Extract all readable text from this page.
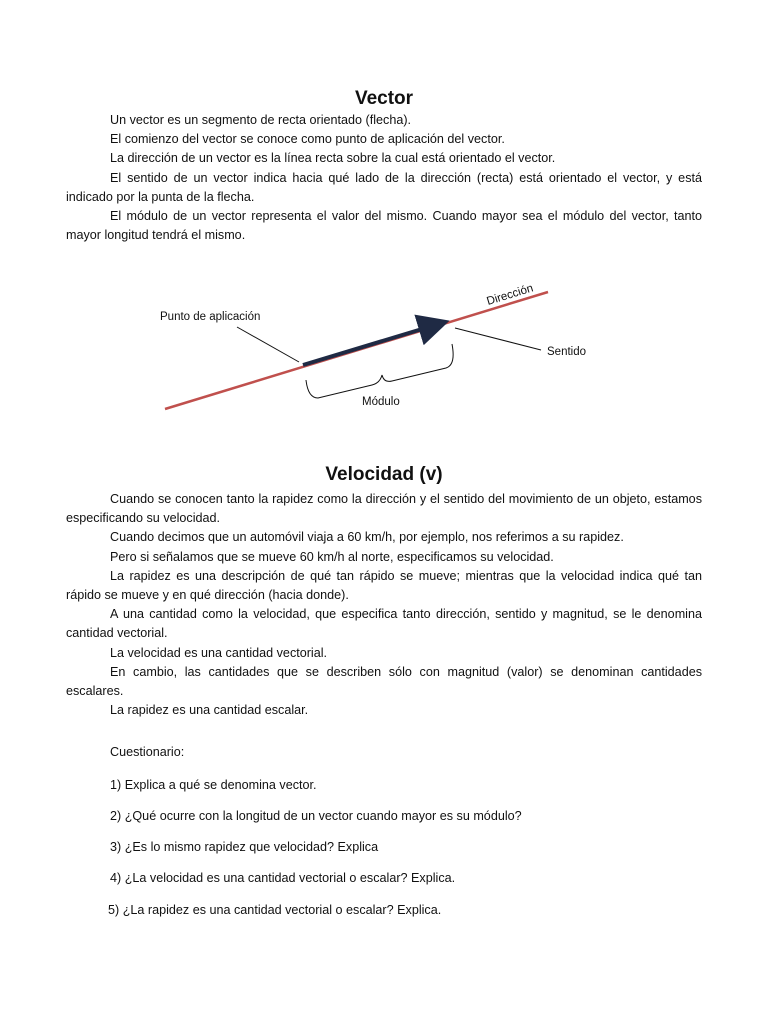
Vector

Un vector es un segmento de recta orientado (flecha).

El comienzo del vector se conoce como punto de aplicación del vector.

La dirección de un vector es la línea recta sobre la cual está orientado el vector.

El sentido de un vector indica hacia qué lado de la dirección (recta) está orientado el vector, y está indicado por la punta de la flecha.

El módulo de un vector representa el valor del mismo. Cuando mayor sea el módulo del vector, tanto mayor longitud tendrá el mismo.

Punto de aplicación
Dirección
Sentido
Módulo
Velocidad (v)

Cuando se conocen tanto la rapidez como la dirección y el sentido del movimiento de un objeto, estamos especificando su velocidad.

Cuando decimos que un automóvil viaja a 60 km/h, por ejemplo, nos referimos a su rapidez.

Pero si señalamos que se mueve 60 km/h al norte, especificamos su velocidad.

La rapidez es una descripción de qué tan rápido se mueve; mientras que la velocidad indica qué tan rápido se mueve y en qué dirección (hacia donde).

A una cantidad como la velocidad, que especifica tanto dirección, sentido y magnitud, se le denomina cantidad vectorial.

La velocidad es una cantidad vectorial.

En cambio, las cantidades que se describen sólo con magnitud (valor) se denominan cantidades escalares.

La rapidez es una cantidad escalar.

Cuestionario:

1) Explica a qué se denomina vector.

2) ¿Qué ocurre con la longitud de un vector cuando mayor es su módulo?

3) ¿Es lo mismo rapidez que velocidad? Explica

4) ¿La velocidad es una cantidad vectorial o escalar? Explica.

5) ¿La rapidez es una cantidad vectorial o escalar? Explica.
